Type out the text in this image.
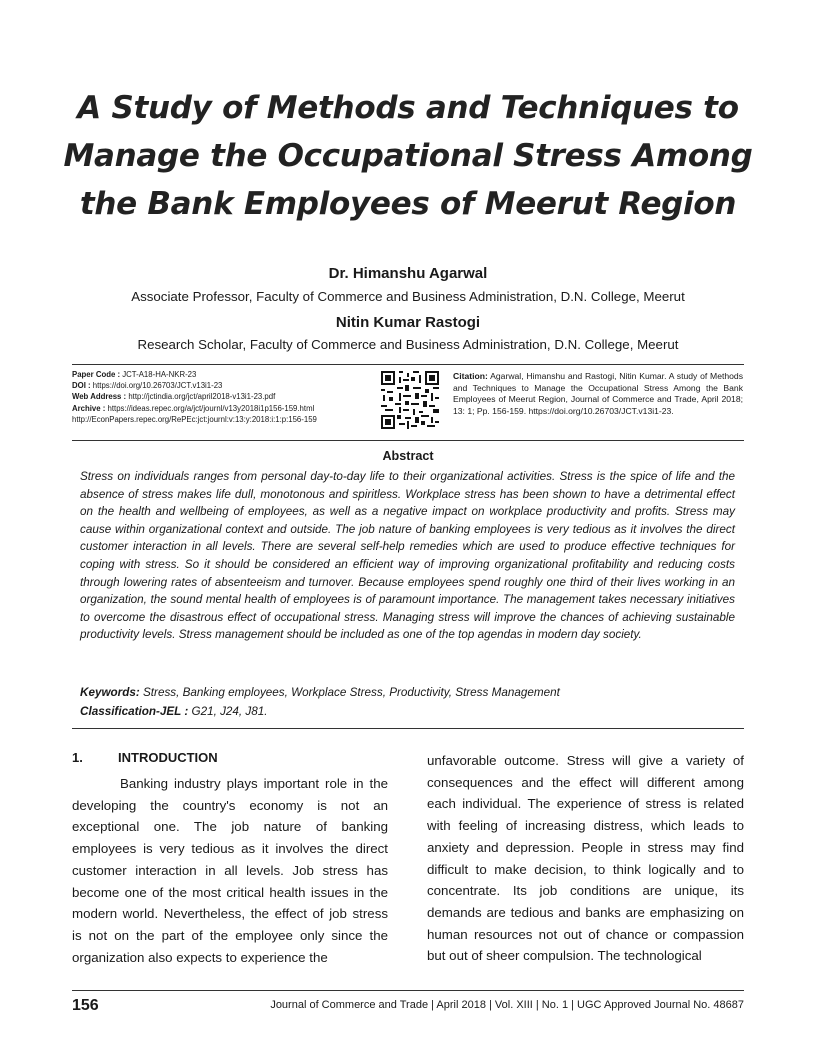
A Study of Methods and Techniques to
Manage the Occupational Stress Among
the Bank Employees of Meerut Region
Dr. Himanshu Agarwal
Associate Professor, Faculty of Commerce and Business Administration, D.N. College, Meerut
Nitin Kumar Rastogi
Research Scholar, Faculty of Commerce and Business Administration, D.N. College, Meerut
Paper Code : JCT-A18-HA-NKR-23
DOI : https://doi.org/10.26703/JCT.v13i1-23
Web Address : http://jctindia.org/jct/april2018-v13i1-23.pdf
Archive : https://ideas.repec.org/a/jct/journl/v13y2018i1p156-159.html
http://EconPapers.repec.org/RePEc:jct:journl:v:13:y:2018:i:1:p:156-159
Citation: Agarwal, Himanshu and Rastogi, Nitin Kumar. A study of Methods and Techniques to Manage the Occupational Stress Among the Bank Employees of Meerut Region, Journal of Commerce and Trade, April 2018; 13: 1; Pp. 156-159. https://doi.org/10.26703/JCT.v13i1-23.
Abstract
Stress on individuals ranges from personal day-to-day life to their organizational activities. Stress is the spice of life and the absence of stress makes life dull, monotonous and spiritless. Workplace stress has been shown to have a detrimental effect on the health and wellbeing of employees, as well as a negative impact on workplace productivity and profits. Stress may cause within organizational context and outside. The job nature of banking employees is very tedious as it involves the direct customer interaction in all levels. There are several self-help remedies which are used to produce effective techniques for coping with stress. So it should be considered an efficient way of improving organizational profitability and reducing costs through lowering rates of absenteeism and turnover. Because employees spend roughly one third of their lives working in an organization, the sound mental health of employees is of paramount importance. The management takes necessary initiatives to overcome the disastrous effect of occupational stress. Managing stress will improve the chances of achieving sustainable productivity levels. Stress management should be included as one of the top agendas in modern day society.
Keywords: Stress, Banking employees, Workplace Stress, Productivity, Stress Management
Classification-JEL : G21, J24, J81.
1.	INTRODUCTION
Banking industry plays important role in the developing the country's economy is not an exceptional one. The job nature of banking employees is very tedious as it involves the direct customer interaction in all levels. Job stress has become one of the most critical health issues in the modern world. Nevertheless, the effect of job stress is not on the part of the employee only since the organization also expects to experience the
unfavorable outcome. Stress will give a variety of consequences and the effect will different among each individual. The experience of stress is related with feeling of increasing distress, which leads to anxiety and depression. People in stress may find difficult to make decision, to think logically and to concentrate. Its job conditions are unique, its demands are tedious and banks are emphasizing on human resources not out of chance or compassion but out of sheer compulsion. The technological
156	Journal of Commerce and Trade | April 2018 | Vol. XIII | No. 1 | UGC Approved Journal No. 48687
